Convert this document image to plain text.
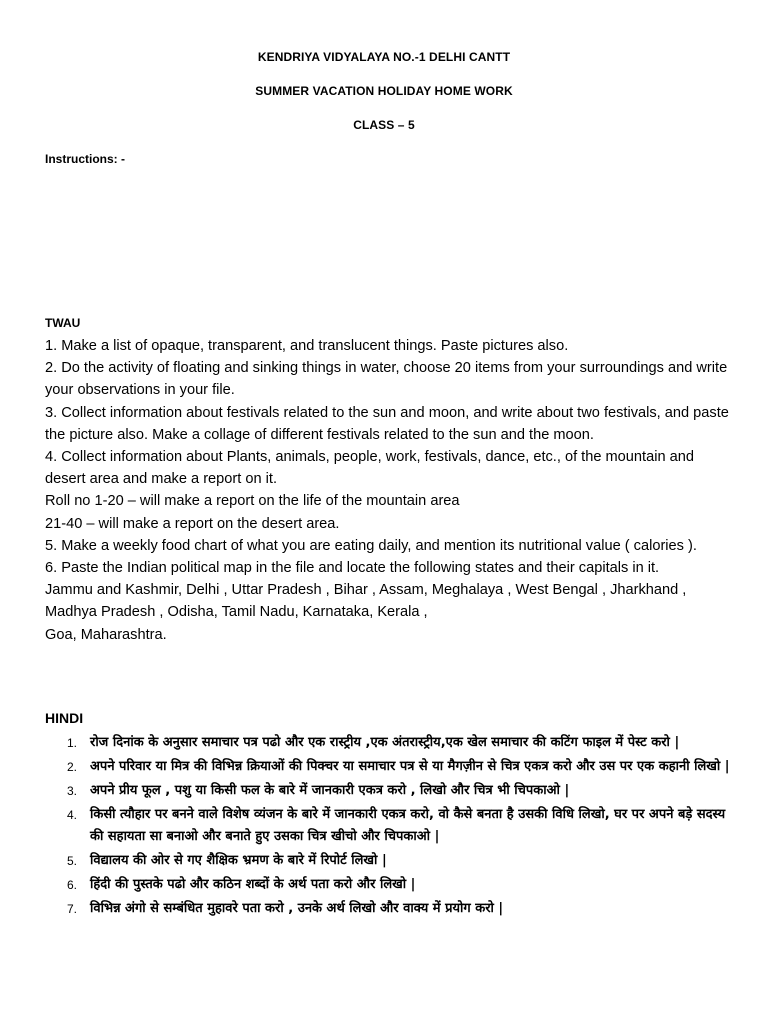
KENDRIYA VIDYALAYA NO.-1 DELHI CANTT
SUMMER VACATION HOLIDAY HOME WORK
CLASS – 5
Instructions: -
TWAU

1. Make a list of opaque, transparent, and translucent things. Paste pictures also.

2. Do the activity of floating and sinking things in water, choose 20 items from your surroundings and write your observations in your file.

3. Collect information about festivals related to the sun and moon, and write about two festivals, and paste the picture also. Make a collage of different festivals related to the sun and the moon.

4. Collect information about Plants, animals, people, work, festivals, dance, etc., of the mountain and desert area and make a report on it.

Roll no 1-20 – will make a report on the life of the mountain area

21-40 – will make a report on the desert area.

5. Make a weekly food chart of what you are eating daily, and mention its nutritional value ( calories ).

6. Paste the Indian political map in the file and locate the following states and their capitals in it.

Jammu and Kashmir, Delhi , Uttar Pradesh , Bihar , Assam, Meghalaya , West Bengal , Jharkhand , Madhya Pradesh , Odisha, Tamil Nadu, Karnataka, Kerala ,

Goa, Maharashtra.

HINDI
1. रोज दिनांक के अनुसार समाचार पत्र पढो और एक रास्ट्रीय ,एक अंतरास्ट्रीय,एक खेल समाचार की कटिंग फाइल में पेस्ट करो |
2. अपने परिवार या मित्र की विभिन्न क्रियाओं की पिक्चर या समाचार पत्र से या मैगज़ीन से चित्र एकत्र करो और उस पर एक कहानी लिखो |
3. अपने प्रीय फूल , पशु या किसी फल के बारे में जानकारी एकत्र करो , लिखो और चित्र भी चिपकाओ |
4. किसी त्यौहार पर बनने वाले विशेष व्यंजन के बारे में जानकारी एकत्र करो, वो कैसे बनता है उसकी विधि लिखो, घर पर अपने बड़े सदस्य की सहायता सा बनाओ और बनाते हुए उसका चित्र खीचो और चिपकाओ |
5. विद्यालय की ओर से गए शैक्षिक भ्रमण के बारे में रिपोर्ट लिखो |
6. हिंदी की पुस्तके पढो और कठिन शब्दों के अर्थ पता करो और लिखो |
7. विभिन्न अंगो से सम्बंधित मुहावरे पता करो , उनके अर्थ लिखो और वाक्य में प्रयोग करो |
